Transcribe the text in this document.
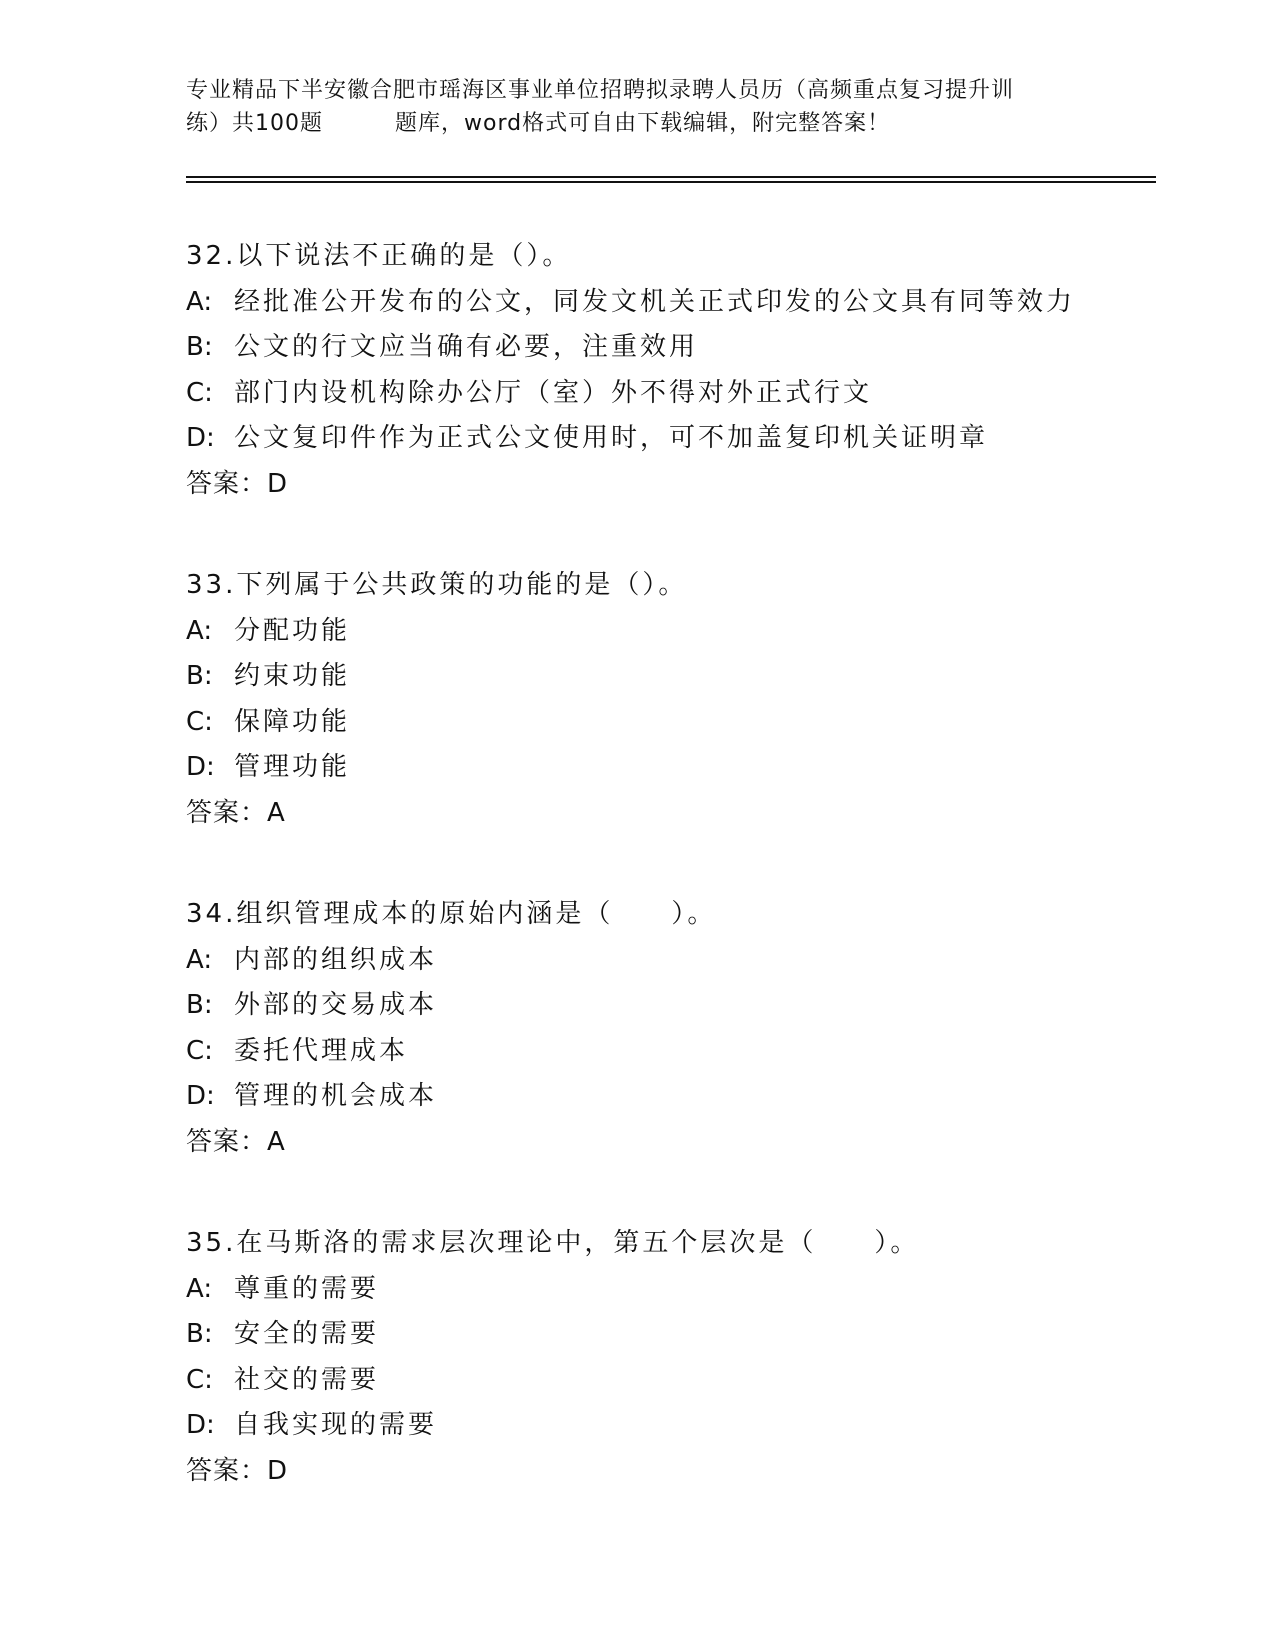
专业精品下半安徽合肥市瑶海区事业单位招聘拟录聘人员历（高频重点复习提升训
练）共100题	题库，word格式可自由下载编辑，附完整答案！
32.以下说法不正确的是（）。
A: 经批准公开发布的公文，同发文机关正式印发的公文具有同等效力
B: 公文的行文应当确有必要，注重效用
C: 部门内设机构除办公厅（室）外不得对外正式行文
D: 公文复印件作为正式公文使用时，可不加盖复印机关证明章
答案：D
33.下列属于公共政策的功能的是（）。
A: 分配功能
B: 约束功能
C: 保障功能
D: 管理功能
答案：A
34.组织管理成本的原始内涵是（　　）。
A: 内部的组织成本
B: 外部的交易成本
C: 委托代理成本
D: 管理的机会成本
答案：A
35.在马斯洛的需求层次理论中，第五个层次是（　　）。
A: 尊重的需要
B: 安全的需要
C: 社交的需要
D: 自我实现的需要
答案：D
